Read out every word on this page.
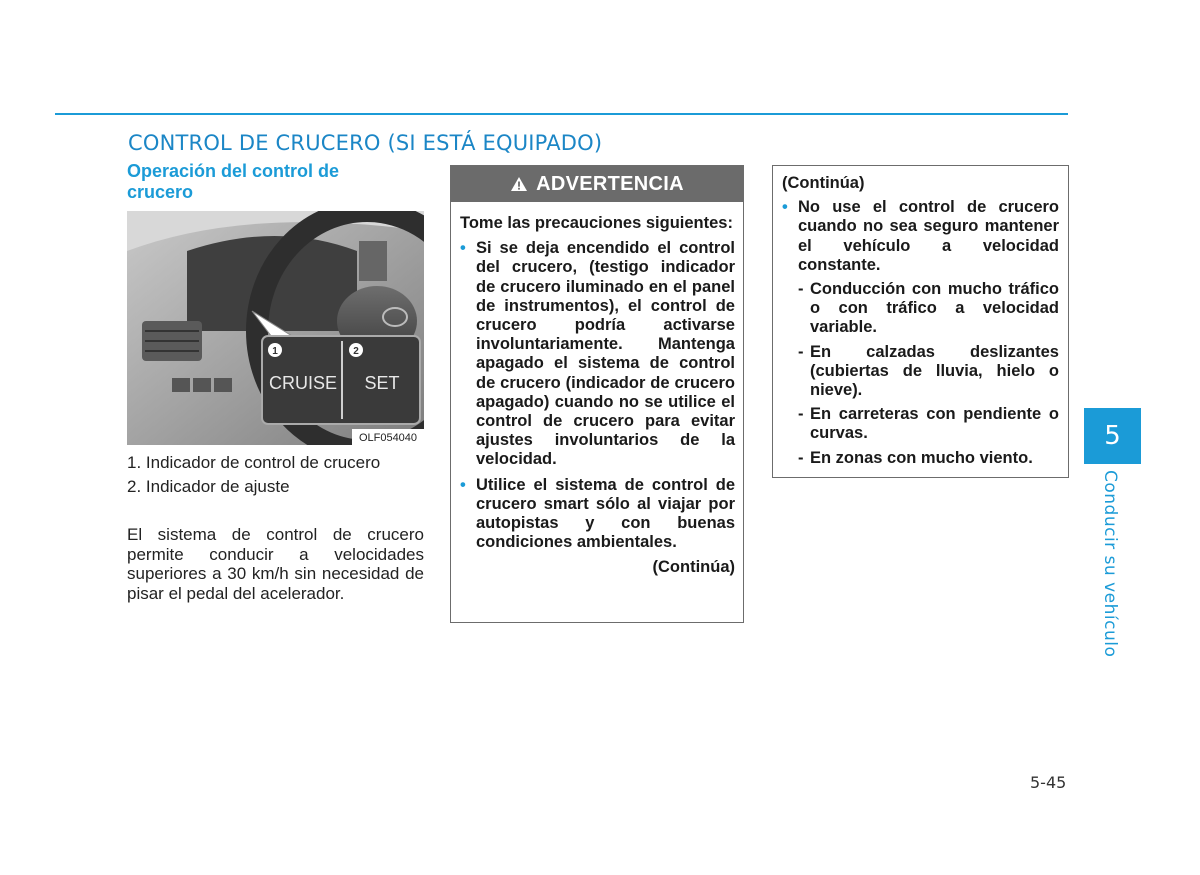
CONTROL DE CRUCERO (SI ESTÁ EQUIPADO)
Operación del control de crucero
1	2
CRUISE SET
OLF054040
1. Indicador de control de crucero
2. Indicador de ajuste
El sistema de control de crucero permite conducir a velocidades superiores a 30 km/h sin necesidad de pisar el pedal del acelerador.
ADVERTENCIA
Tome las precauciones siguientes:
• Si se deja encendido el control del crucero, (testigo indicador de crucero iluminado en el panel de instrumentos), el control de crucero podría activarse involuntariamente. Mantenga apagado el sistema de control de crucero (indicador de crucero apagado) cuando no se utilice el control de crucero para evitar ajustes involuntarios de la velocidad.
• Utilice el sistema de control de crucero smart sólo al viajar por autopistas y con buenas condiciones ambientales.
(Continúa)
(Continúa)
• No use el control de crucero cuando no sea seguro mantener el vehículo a velocidad constante.
- Conducción con mucho tráfico o con tráfico a velocidad variable.
- En calzadas deslizantes (cubiertas de lluvia, hielo o nieve).
- En carreteras con pendiente o curvas.
- En zonas con mucho viento.
5
Conducir su vehículo
5-45
